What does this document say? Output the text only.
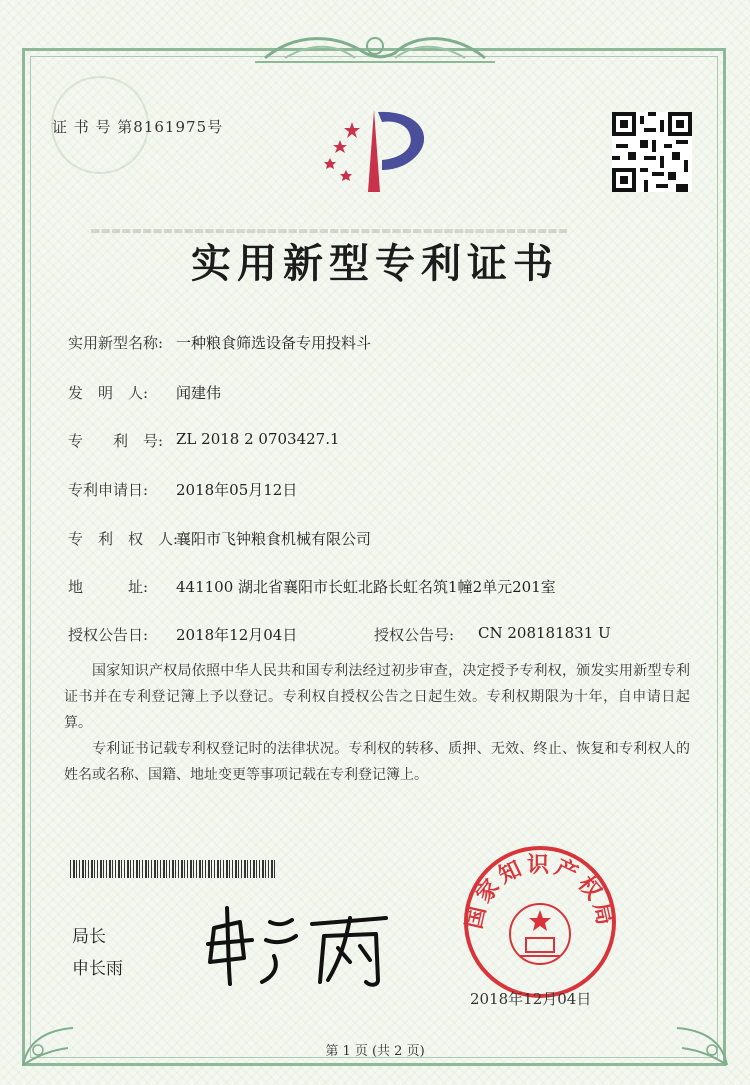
证 书 号 第8161975号
实用新型专利证书
▬▬▬▬▬▬▬▬▬▬▬▬▬▬▬▬▬▬▬▬▬▬▬▬▬▬▬▬▬▬▬▬▬▬▬▬▬▬▬▬▬▬▬▬▬▬
实用新型名称: 一种粮食筛选设备专用投料斗
发　明　人: 闻建伟
专　　利　号: ZL 2018 2 0703427.1
专利申请日: 2018年05月12日
专　利　权　人:
襄阳市飞钟粮食机械有限公司
地　　　址: 441100 湖北省襄阳市长虹北路长虹名筑1幢2单元201室
授权公告日: 2018年12月04日	授权公告号: CN 208181831 U
国家知识产权局依照中华人民共和国专利法经过初步审查，决定授予专利权，颁发实用新型专利证书并在专利登记簿上予以登记。专利权自授权公告之日起生效。专利权期限为十年，自申请日起算。
专利证书记载专利权登记时的法律状况。专利权的转移、质押、无效、终止、恢复和专利权人的姓名或名称、国籍、地址变更等事项记载在专利登记簿上。
局长
申长雨
国家知识产权局
2018年12月04日
第 1 页 (共 2 页)
